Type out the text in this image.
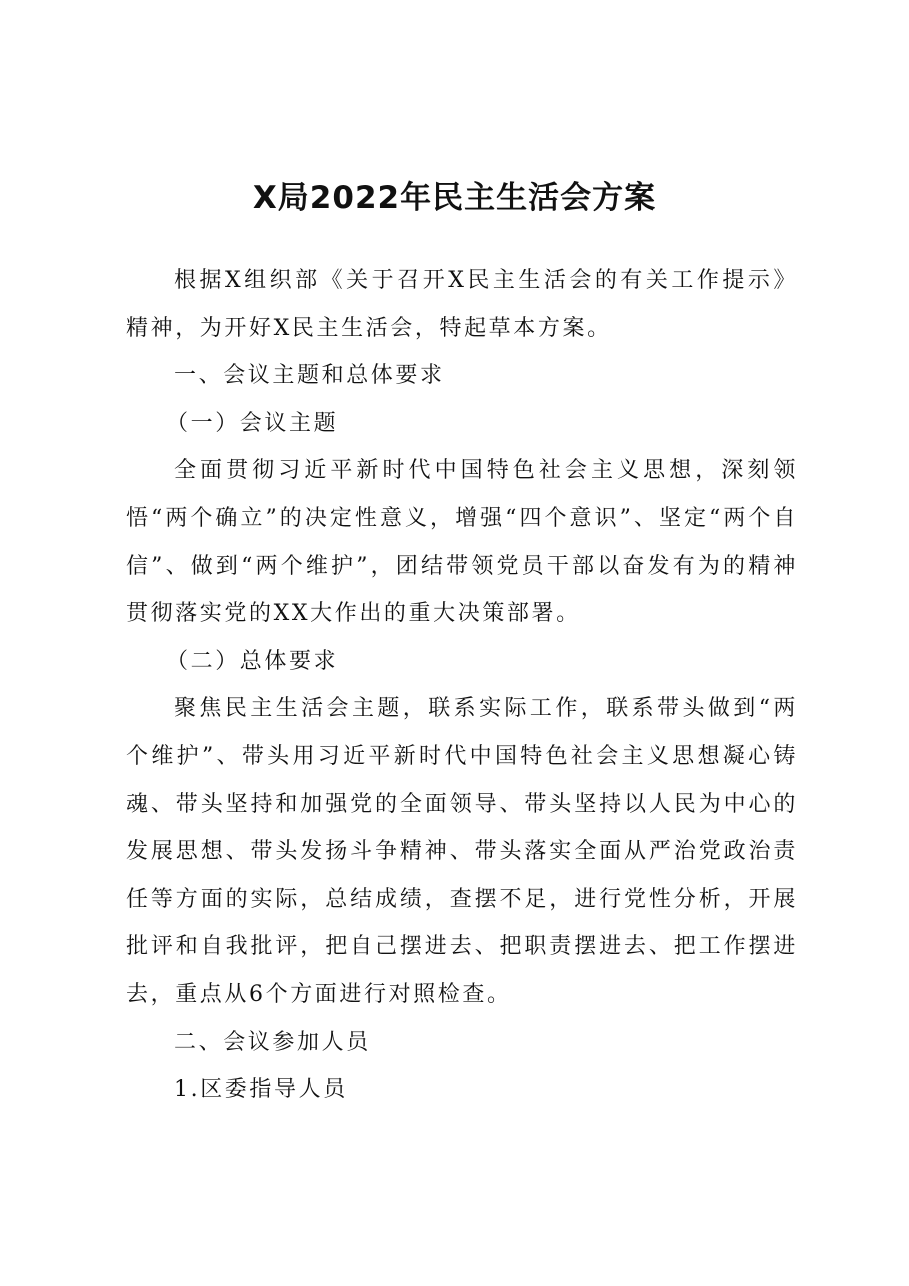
X局2022年民主生活会方案

根据X组织部《关于召开X民主生活会的有关工作提示》精神，为开好X民主生活会，特起草本方案。

一、会议主题和总体要求

（一）会议主题

全面贯彻习近平新时代中国特色社会主义思想，深刻领悟“两个确立”的决定性意义，增强“四个意识”、坚定“两个自信”、做到“两个维护”，团结带领党员干部以奋发有为的精神贯彻落实党的XX大作出的重大决策部署。

（二）总体要求

聚焦民主生活会主题，联系实际工作，联系带头做到“两个维护”、带头用习近平新时代中国特色社会主义思想凝心铸魂、带头坚持和加强党的全面领导、带头坚持以人民为中心的发展思想、带头发扬斗争精神、带头落实全面从严治党政治责任等方面的实际，总结成绩，查摆不足，进行党性分析，开展批评和自我批评，把自己摆进去、把职责摆进去、把工作摆进去，重点从6个方面进行对照检查。

二、会议参加人员

1.区委指导人员
